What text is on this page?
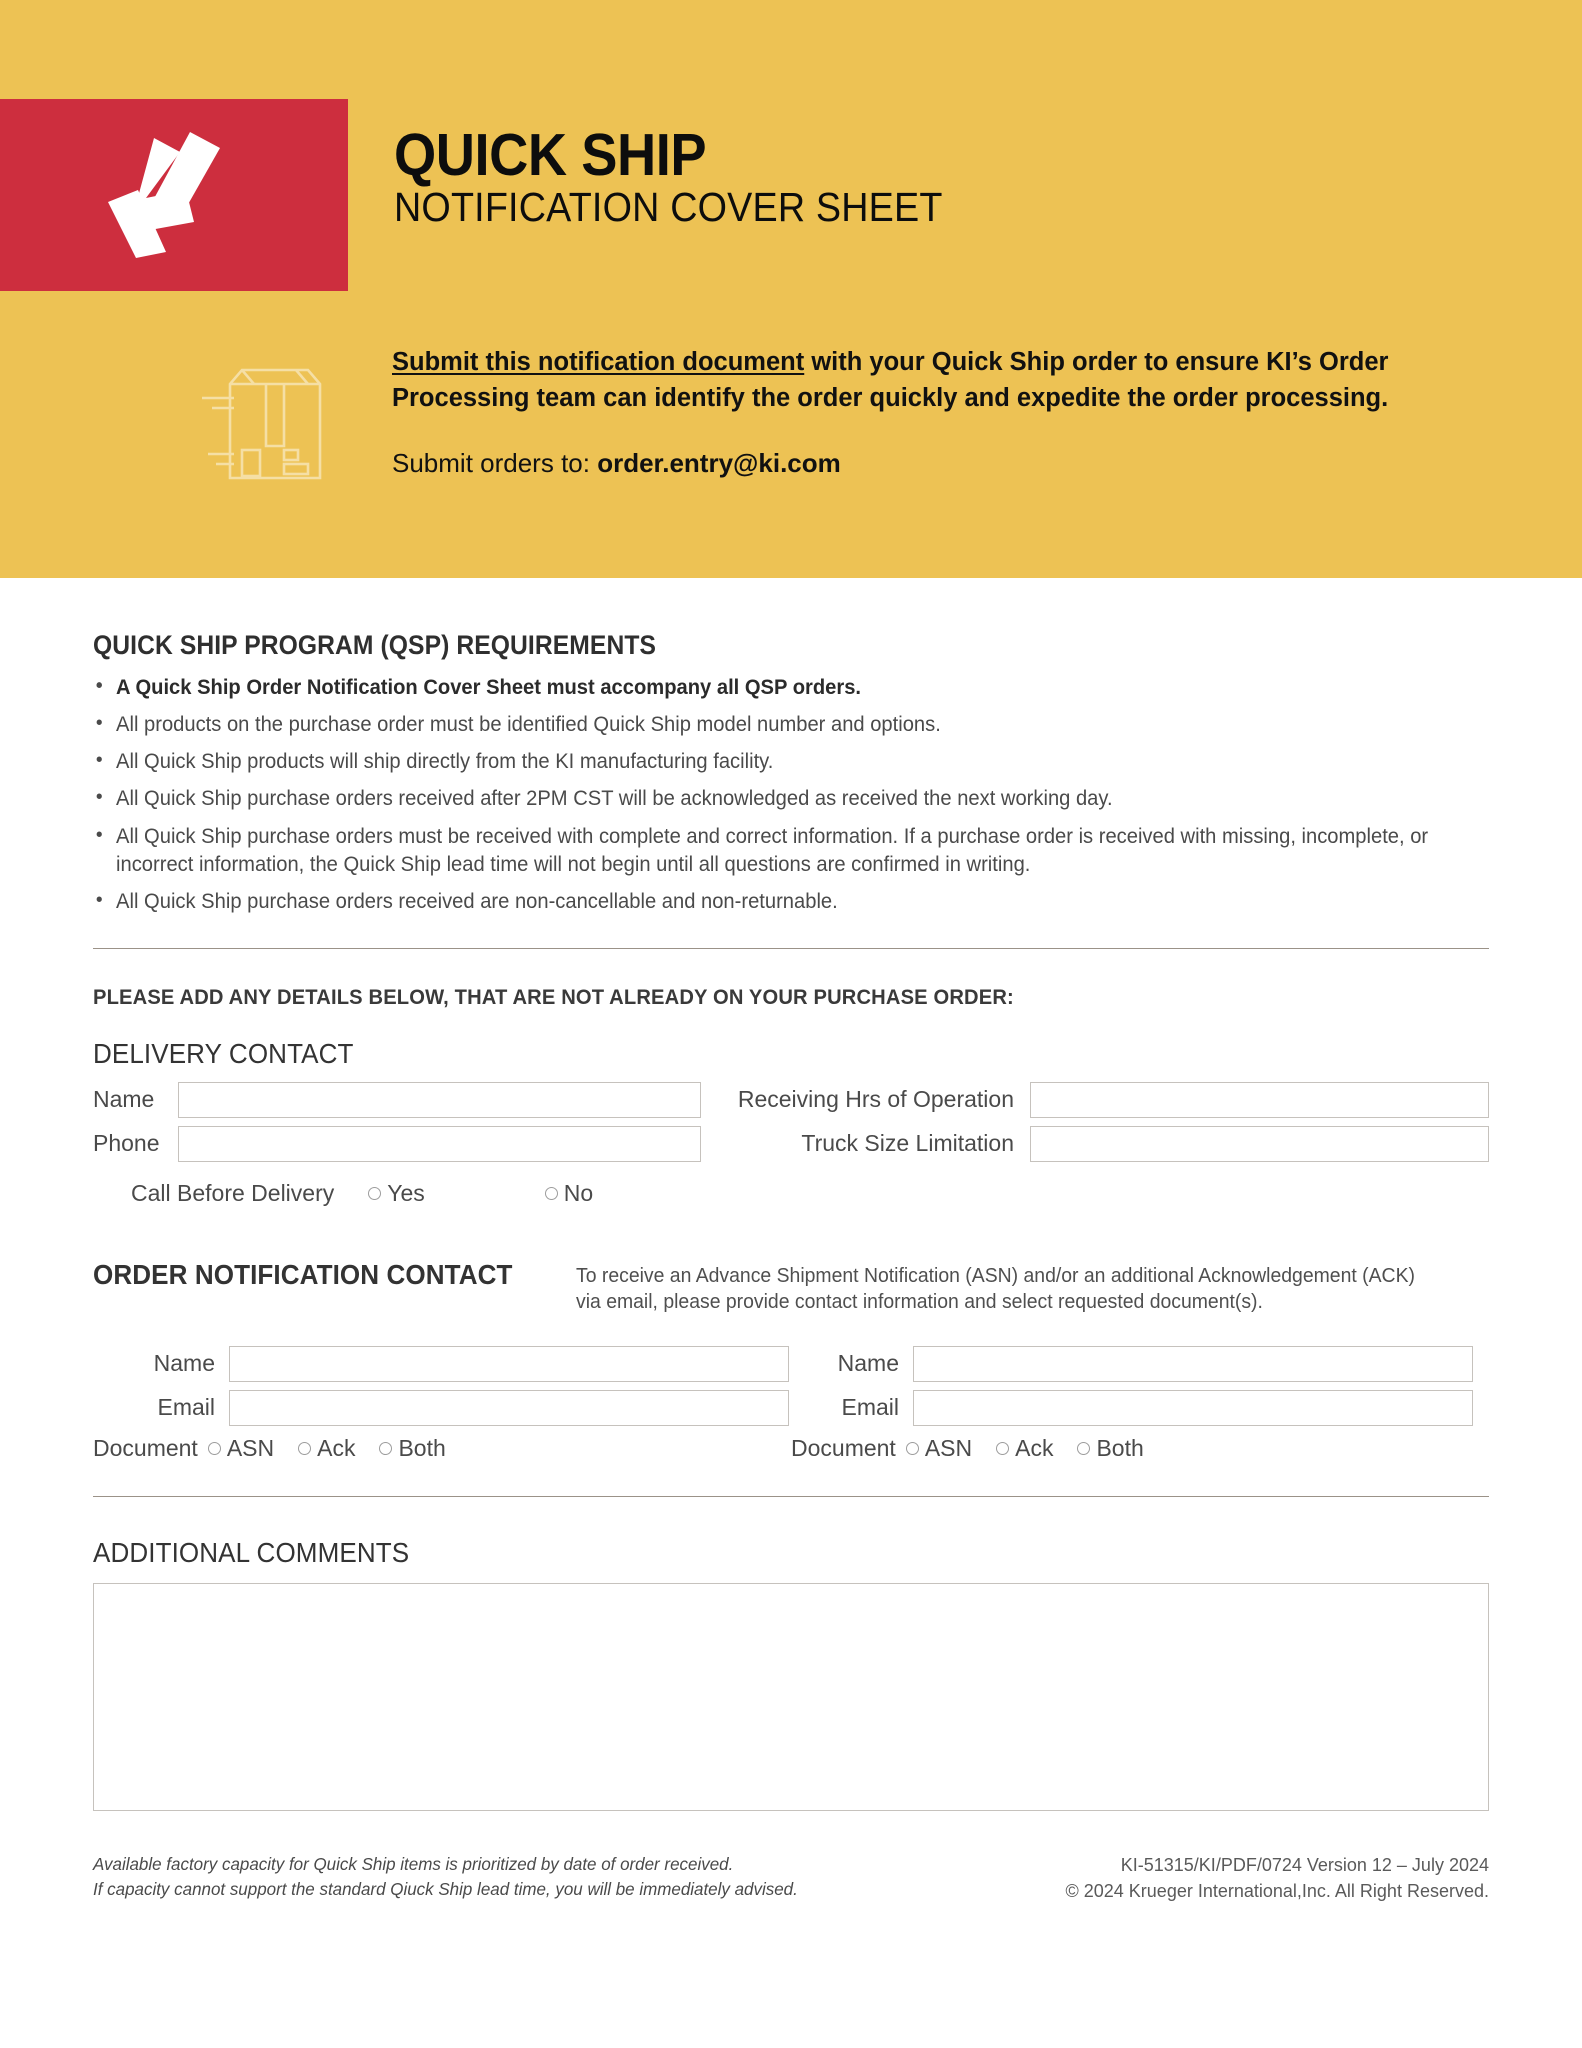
QUICK SHIP
NOTIFICATION COVER SHEET
Submit this notification document with your Quick Ship order to ensure KI’s Order Processing team can identify the order quickly and expedite the order processing.
Submit orders to: order.entry@ki.com
QUICK SHIP PROGRAM (QSP) REQUIREMENTS
• A Quick Ship Order Notification Cover Sheet must accompany all QSP orders.
• All products on the purchase order must be identified Quick Ship model number and options.
• All Quick Ship products will ship directly from the KI manufacturing facility.
• All Quick Ship purchase orders received after 2PM CST will be acknowledged as received the next working day.
• All Quick Ship purchase orders must be received with complete and correct information. If a purchase order is received with missing, incomplete, or incorrect information, the Quick Ship lead time will not begin until all questions are confirmed in writing.
• All Quick Ship purchase orders received are non-cancellable and non-returnable.
PLEASE ADD ANY DETAILS BELOW, THAT ARE NOT ALREADY ON YOUR PURCHASE ORDER:
DELIVERY CONTACT
Name	Receiving Hrs of Operation
Phone	Truck Size Limitation
Call Before Delivery Yes	No
ORDER NOTIFICATION CONTACT	To receive an Advance Shipment Notification (ASN) and/or an additional Acknowledgement (ACK) via email, please provide contact information and select requested document(s).
Name
Email
Document ASN Ack Both
Name
Email
Document ASN Ack Both
ADDITIONAL COMMENTS
Available factory capacity for Quick Ship items is prioritized by date of order received.
If capacity cannot support the standard Qiuck Ship lead time, you will be immediately advised.
KI-51315/KI/PDF/0724 Version 12 – July 2024
© 2024 Krueger International,Inc. All Right Reserved.
